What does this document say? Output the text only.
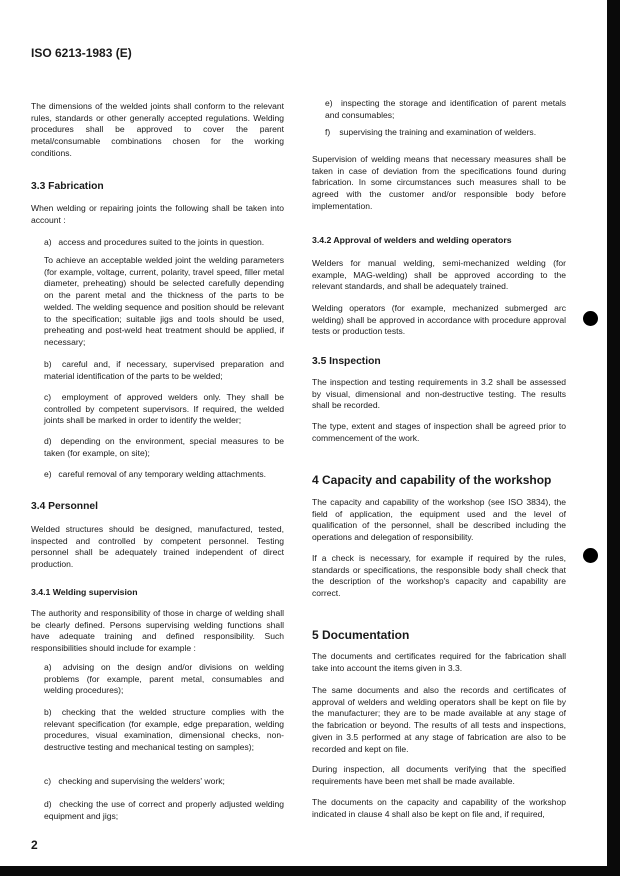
ISO 6213-1983 (E)
The dimensions of the welded joints shall conform to the relevant rules, standards or other generally accepted regulations. Welding procedures shall be approved to cover the parent metal/consumable combinations chosen for the working conditions.
3.3 Fabrication
When welding or repairing joints the following shall be taken into account :
a) access and procedures suited to the joints in question.
To achieve an acceptable welded joint the welding parameters (for example, voltage, current, polarity, travel speed, filler metal diameter, preheating) should be selected carefully depending on the parent metal and the thickness of the parts to be welded. The welding sequence and position should be relevant to the specification; suitable jigs and tools should be used, preheating and post-weld heat treatment should be applied, if necessary;
b) careful and, if necessary, supervised preparation and material identification of the parts to be welded;
c) employment of approved welders only. They shall be controlled by competent supervisors. If required, the welded joints shall be marked in order to identify the welder;
d) depending on the environment, special measures to be taken (for example, on site);
e) careful removal of any temporary welding attachments.
3.4 Personnel
Welded structures should be designed, manufactured, tested, inspected and controlled by competent personnel. Testing personnel shall be adequately trained independent of direct production.
3.4.1 Welding supervision
The authority and responsibility of those in charge of welding shall be clearly defined. Persons supervising welding functions shall have adequate training and defined responsibility. Such responsibilities should include for example :
a) advising on the design and/or divisions on welding problems (for example, parent metal, consumables and welding procedures);
b) checking that the welded structure complies with the relevant specification (for example, edge preparation, welding procedures, visual examination, dimensional checks, non-destructive testing and mechanical testing on samples);
c) checking and supervising the welders' work;
d) checking the use of correct and properly adjusted welding equipment and jigs;
2
e) inspecting the storage and identification of parent metals and consumables;
f) supervising the training and examination of welders.
Supervision of welding means that necessary measures shall be taken in case of deviation from the specifications found during fabrication. In some circumstances such measures shall to be agreed with the customer and/or responsible body before implementation.
3.4.2 Approval of welders and welding operators
Welders for manual welding, semi-mechanized welding (for example, MAG-welding) shall be approved according to the relevant standards, and shall be adequately trained.
Welding operators (for example, mechanized submerged arc welding) shall be approved in accordance with procedure approval tests or production tests.
3.5 Inspection
The inspection and testing requirements in 3.2 shall be assessed by visual, dimensional and non-destructive testing. The results shall be recorded.
The type, extent and stages of inspection shall be agreed prior to commencement of the work.
4 Capacity and capability of the workshop
The capacity and capability of the workshop (see ISO 3834), the field of application, the equipment used and the level of qualification of the personnel, shall be described including the operations and delegation of responsibility.
If a check is necessary, for example if required by the rules, standards or specifications, the responsible body shall check that the description of the workshop's capacity and capability are correct.
5 Documentation
The documents and certificates required for the fabrication shall take into account the items given in 3.3.
The same documents and also the records and certificates of approval of welders and welding operators shall be kept on file by the manufacturer; they are to be made available at any stage of the fabrication or beyond. The results of all tests and inspections, given in 3.5 performed at any stage of fabrication are also to be recorded and kept on file.
During inspection, all documents verifying that the specified requirements have been met shall be made available.
The documents on the capacity and capability of the workshop indicated in clause 4 shall also be kept on file and, if required,
